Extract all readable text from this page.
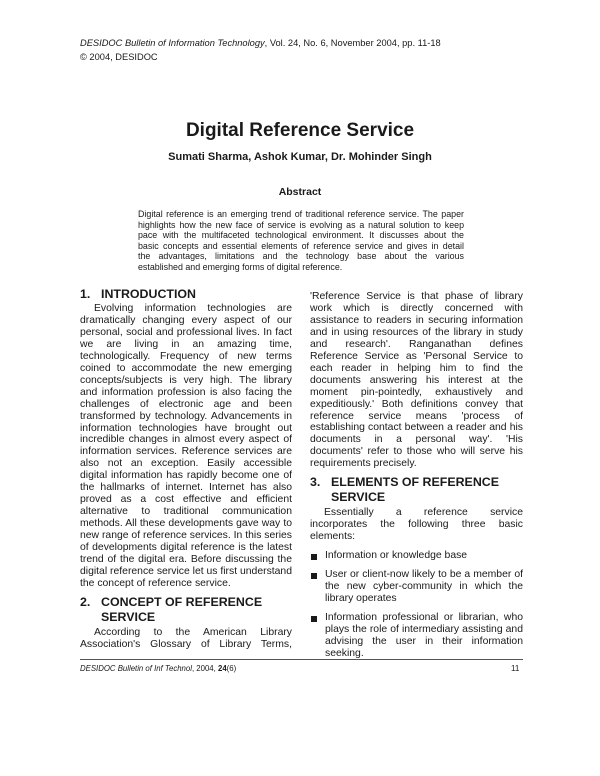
DESIDOC Bulletin of Information Technology, Vol. 24, No. 6, November 2004, pp. 11-18
© 2004, DESIDOC
Digital Reference Service
Sumati Sharma, Ashok Kumar, Dr. Mohinder Singh
Abstract
Digital reference is an emerging trend of traditional reference service. The paper
highlights how the new face of service is evolving as a natural solution to keep
pace with the multifaceted technological environment. It discusses about the
basic concepts and essential elements of reference service and gives in detail
the advantages, limitations and the technology base about the various
established and emerging forms of digital reference.
1. INTRODUCTION
Evolving information technologies are
dramatically changing every aspect of our
personal, social and professional lives. In fact
we are living in an amazing time,
technologically. Frequency of new terms
coined to accommodate the new emerging
concepts/subjects is very high. The library
and information profession is also facing the
challenges of electronic age and been
transformed by technology. Advancements in
information technologies have brought out
incredible changes in almost every aspect of
information services. Reference services are
also not an exception. Easily accessible
digital information has rapidly become one of
the hallmarks of internet. Internet has also
proved as a cost effective and efficient
alternative to traditional communication
methods. All these developments gave way to
new range of reference services. In this series
of developments digital reference is the latest
trend of the digital era. Before discussing the
digital reference service let us first understand
the concept of reference service.
2. CONCEPT OF REFERENCE
SERVICE
According to the American Library
Association's Glossary of Library Terms,
'Reference Service is that phase of library
work which is directly concerned with
assistance to readers in securing information
and in using resources of the library in study
and research'. Ranganathan defines
Reference Service as 'Personal Service to
each reader in helping him to find the
documents answering his interest at the
moment pin-pointedly, exhaustively and
expeditiously.' Both definitions convey that
reference service means 'process of
establishing contact between a reader and his
documents in a personal way'. 'His
documents' refer to those who will serve his
requirements precisely.
3. ELEMENTS OF REFERENCE
SERVICE
Essentially a reference service
incorporates the following three basic
elements:
Information or knowledge base
User or client-now likely to be a member of
the new cyber-community in which the
library operates
Information professional or librarian, who
plays the role of intermediary assisting and
advising the user in their information
seeking.
DESIDOC Bulletin of Inf Technol, 2004, 24(6)	11
